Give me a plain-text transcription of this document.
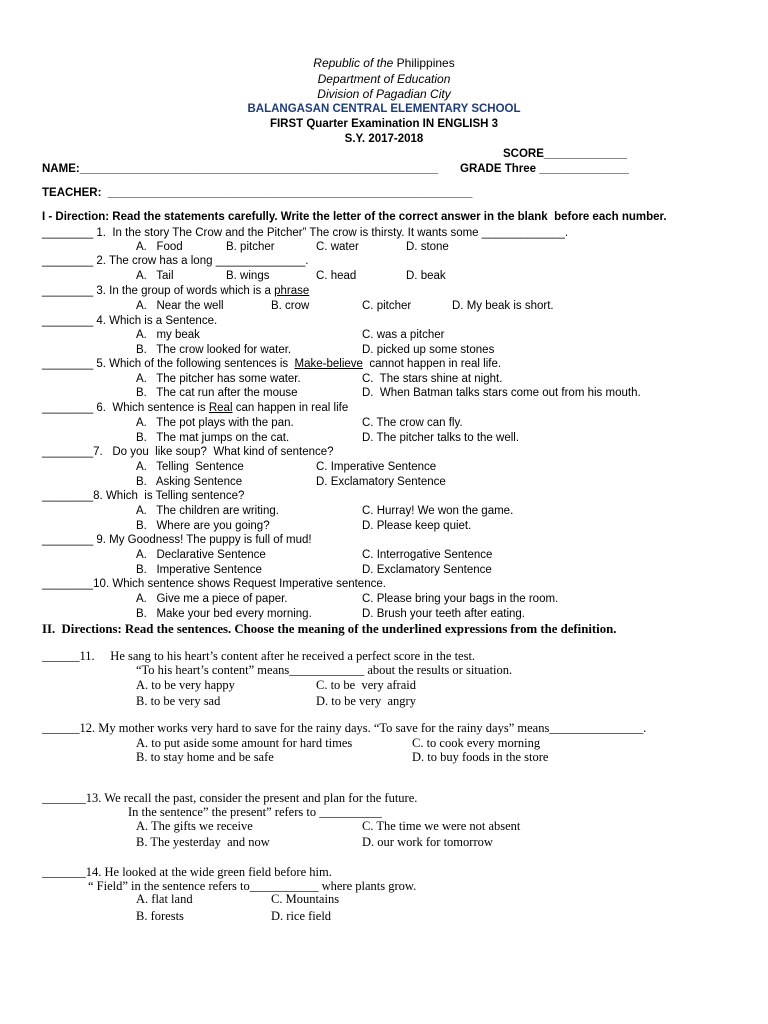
Republic of the Philippines
Department of Education
Division of Pagadian City
BALANGASAN CENTRAL ELEMENTARY SCHOOL
FIRST Quarter Examination IN ENGLISH 3
S.Y. 2017-2018
SCORE_____________
NAME:________________________________________________________ GRADE Three ______________
TEACHER:  _________________________________________________________
I - Direction: Read the statements carefully. Write the letter of the correct answer in the blank  before each number.
________ 1.  In the story The Crow and the Pitcher” The crow is thirsty. It wants some _____________.
A.   Food	B. pitcher	C. water	D. stone
________ 2. The crow has a long ______________.
A.   Tail	B. wings	C. head	D. beak
________ 3. In the group of words which is a phrase
A.   Near the well	B. crow	C. pitcher	D. My beak is short.
________ 4. Which is a Sentence.
A.   my beak	C. was a pitcher
B.   The crow looked for water.	D. picked up some stones
________ 5. Which of the following sentences is  Make-believe  cannot happen in real life.
A.   The pitcher has some water.	C.  The stars shine at night.
B.   The cat run after the mouse	D.  When Batman talks stars come out from his mouth.
________ 6.  Which sentence is Real can happen in real life
A.   The pot plays with the pan.	C. The crow can fly.
B.   The mat jumps on the cat.	D. The pitcher talks to the well.
________7.   Do you  like soup?  What kind of sentence?
A.   Telling  Sentence	C. Imperative Sentence
B.   Asking Sentence	D. Exclamatory Sentence
________8. Which  is Telling sentence?
A.   The children are writing.	C. Hurray! We won the game.
B.   Where are you going?	D. Please keep quiet.
________ 9. My Goodness! The puppy is full of mud!
A.   Declarative Sentence	C. Interrogative Sentence
B.   Imperative Sentence	D. Exclamatory Sentence
________10. Which sentence shows Request Imperative sentence.
A.   Give me a piece of paper.	C. Please bring your bags in the room.
B.   Make your bed every morning.	D. Brush your teeth after eating.
II.  Directions: Read the sentences. Choose the meaning of the underlined expressions from the definition.
______11.     He sang to his heart’s content after he received a perfect score in the test.
“To his heart’s content” means____________ about the results or situation.
A. to be very happy	C. to be  very afraid
B. to be very sad	D. to be very  angry
______12. My mother works very hard to save for the rainy days. “To save for the rainy days” means_______________.
A. to put aside some amount for hard times	C. to cook every morning
B. to stay home and be safe	D. to buy foods in the store
_______13. We recall the past, consider the present and plan for the future.
In the sentence” the present” refers to __________
A. The gifts we receive	C. The time we were not absent
B. The yesterday  and now	D. our work for tomorrow
_______14. He looked at the wide green field before him.
“ Field” in the sentence refers to___________ where plants grow.
A. flat land	C. Mountains
B. forests	D. rice field
